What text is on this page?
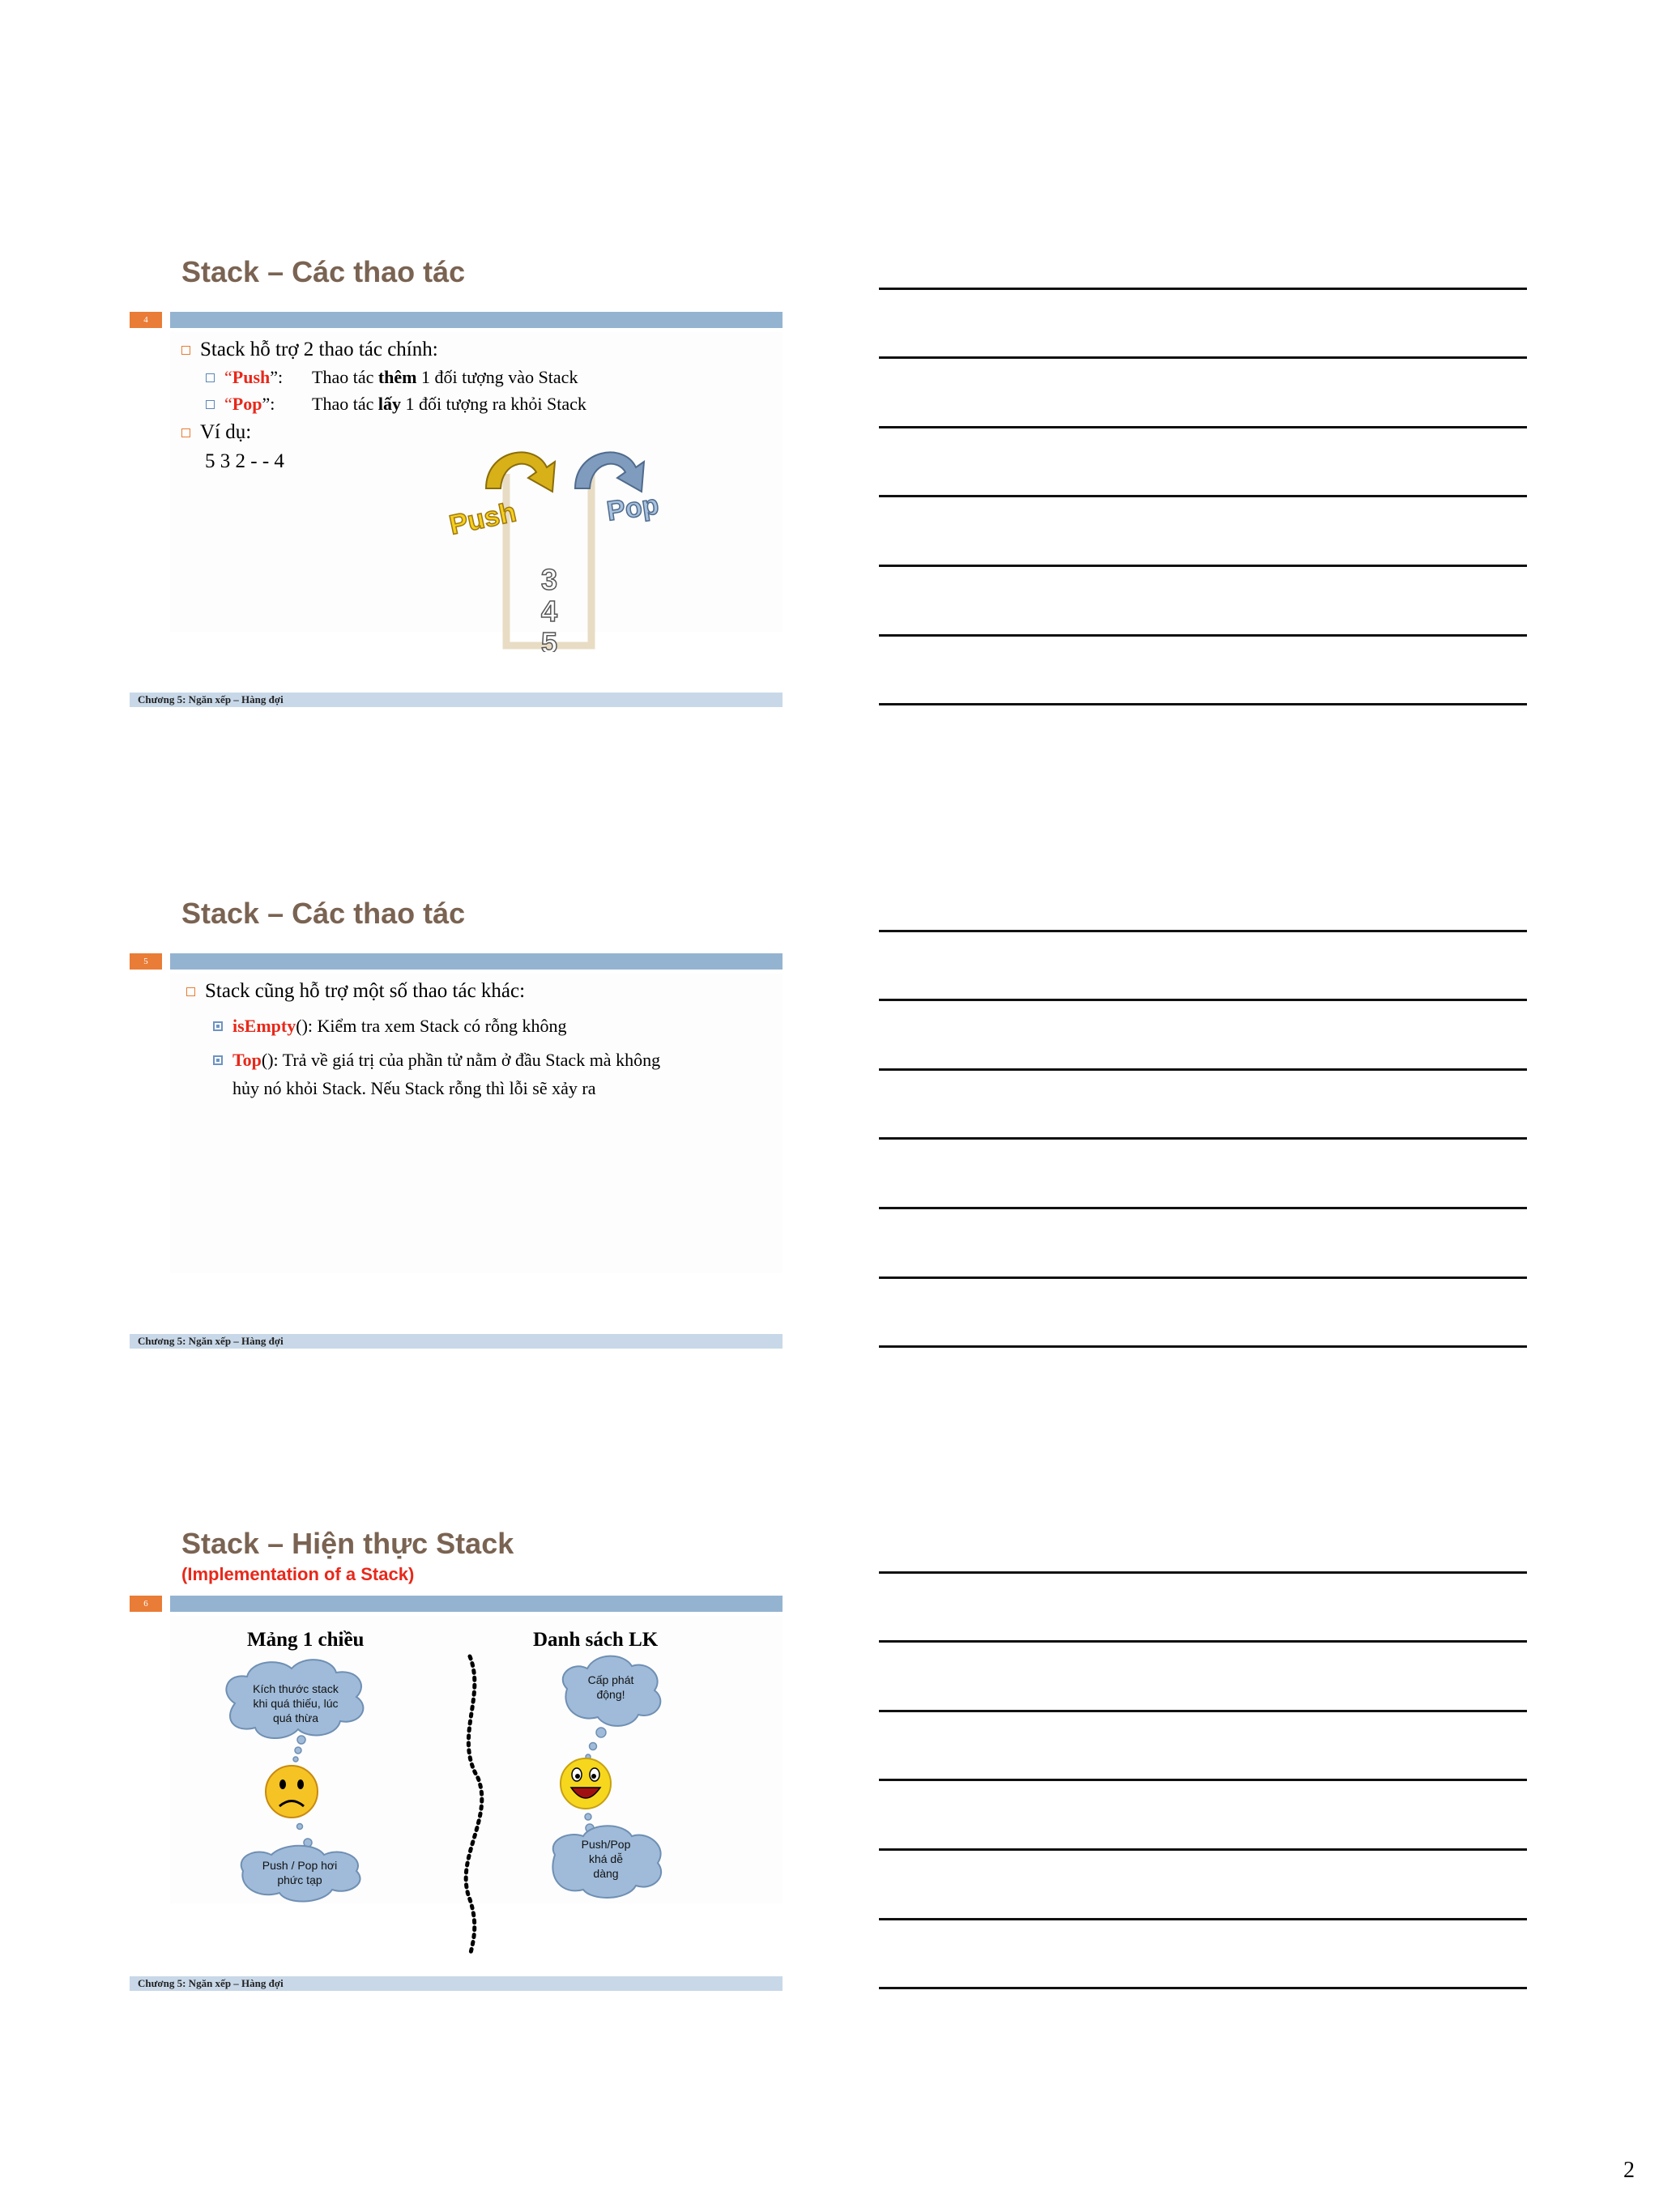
Stack – Các thao tác
4
Stack hỗ trợ 2 thao tác chính:
“Push”: Thao tác thêm 1 đối tượng vào Stack
“Pop”: Thao tác lấy 1 đối tượng ra khỏi Stack
Ví dụ:
5 3 2 - - 4
Push	Pop
3
4
5
Chương 5: Ngăn xếp – Hàng đợi
Stack – Các thao tác
5
Stack cũng hỗ trợ một số thao tác khác:
isEmpty(): Kiểm tra xem Stack có rỗng không
Top(): Trả về giá trị của phần tử nằm ở đầu Stack mà không
hủy nó khỏi Stack. Nếu Stack rỗng thì lỗi sẽ xảy ra
Chương 5: Ngăn xếp – Hàng đợi
Stack – Hiện thực Stack
(Implementation of a Stack)
6
Mảng 1 chiều	Danh sách LK
Kích thước stack
khi quá thiếu, lúc
quá thừa
Push / Pop hơi
phức tạp
Cấp phát
động!
Push/Pop
khá dễ
dàng
Chương 5: Ngăn xếp – Hàng đợi
2
